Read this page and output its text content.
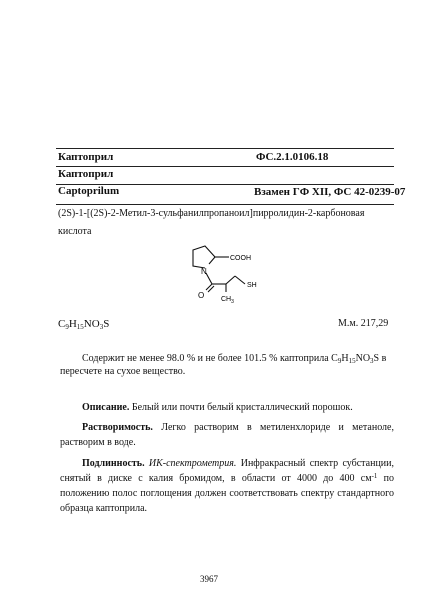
Каптоприл	ФС.2.1.0106.18
Каптоприл
Captoprilum	Взамен ГФ XII, ФС 42-0239-07
(2S)-1-[(2S)-2-Метил-3-сульфанилпропаноил]пирролидин-2-карбоновая
кислота
N
O
COOH
SH
$CH_3$
$C_9H_{15}NO_3S$	М.м. 217,29
Содержит не менее 98.0 % и не более 101.5 % каптоприла $C_9H_{15}NO_3S$ в
пересчете на сухое вещество.
Описание. Белый или почти белый кристаллический порошок.
Растворимость. Легко растворим в метиленхлориде и метаноле, растворим в воде.
Подлинность. ИК-спектрометрия. Инфракрасный спектр субстанции, снятый в диске с калия бромидом, в области от 4000 до 400 $см^{-1}$ по положению полос поглощения должен соответствовать спектру стандартного образца каптоприла.
3967
